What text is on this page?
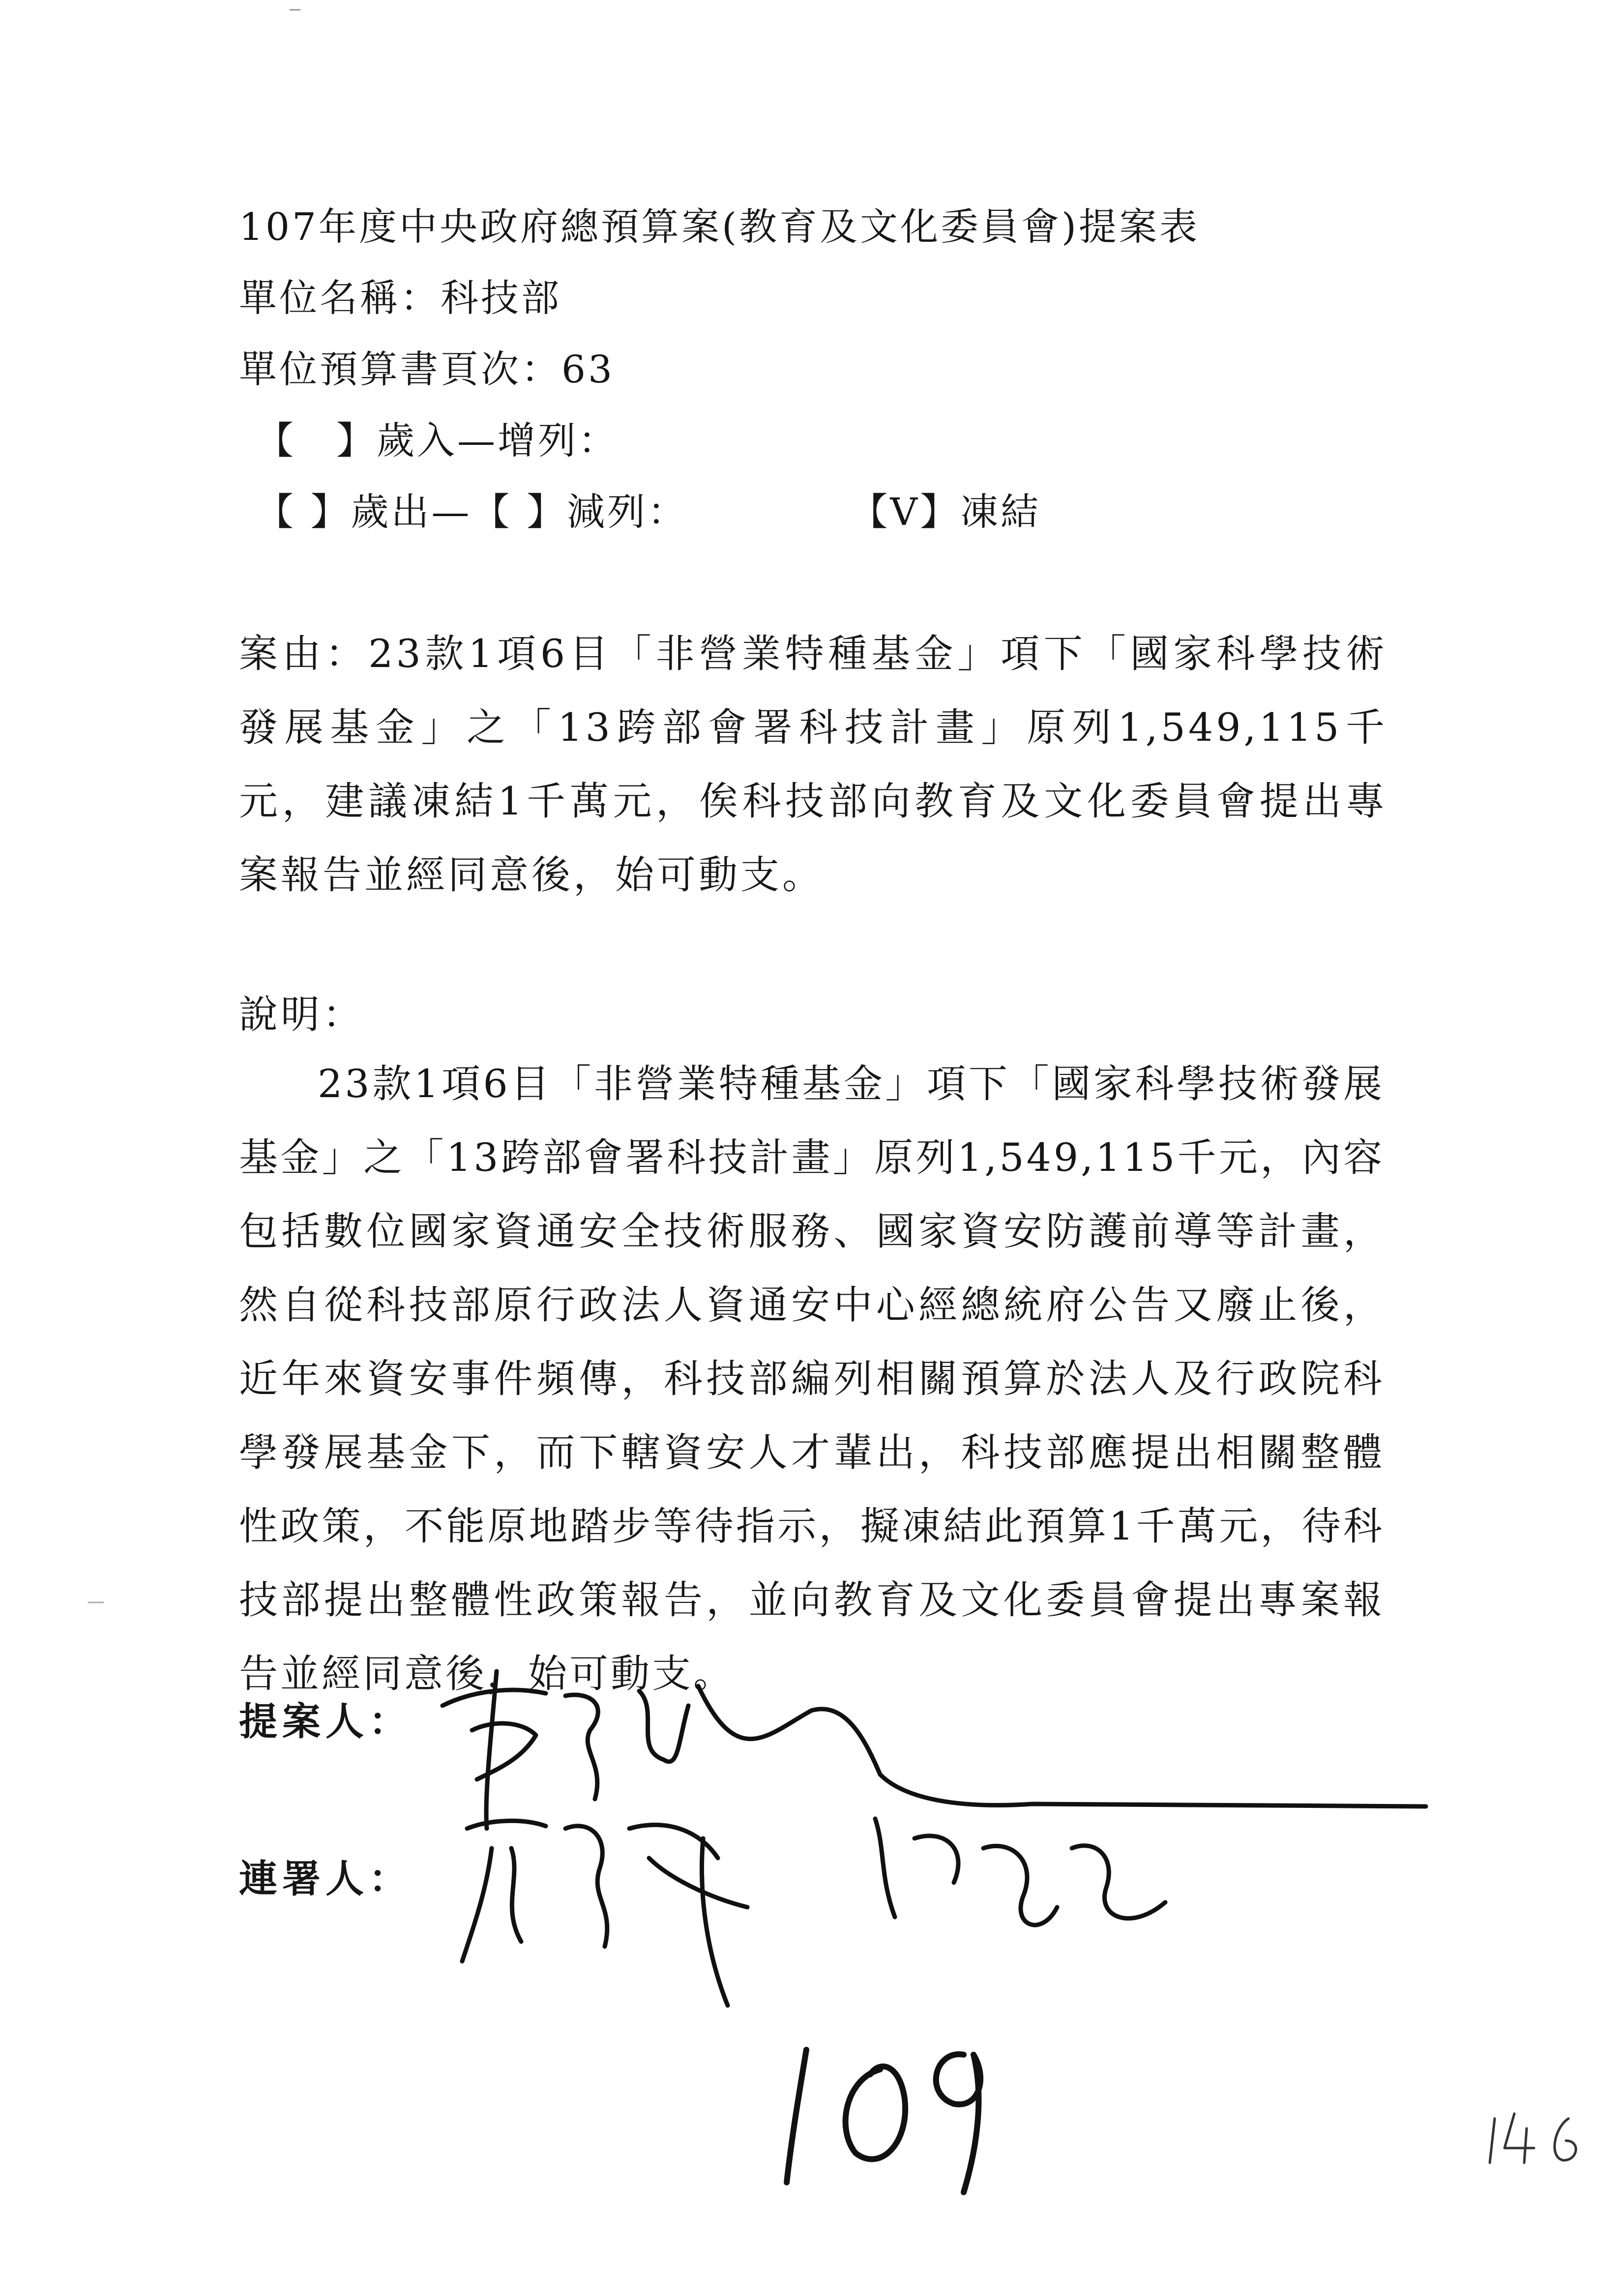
107年度中央政府總預算案(教育及文化委員會)提案表
單位名稱：科技部
單位預算書頁次：63
【　】歲入—增列：
【 】歲出—【 】減列：	【V】凍結
案由：23款1項6目「非營業特種基金」項下「國家科學技術發展基金」之「13跨部會署科技計畫」原列1,549,115千元，建議凍結1千萬元，俟科技部向教育及文化委員會提出專案報告並經同意後，始可動支。
說明：
23款1項6目「非營業特種基金」項下「國家科學技術發展基金」之「13跨部會署科技計畫」原列1,549,115千元，內容包括數位國家資通安全技術服務、國家資安防護前導等計畫，然自從科技部原行政法人資通安中心經總統府公告又廢止後，近年來資安事件頻傳，科技部編列相關預算於法人及行政院科學發展基金下，而下轄資安人才輩出，科技部應提出相關整體性政策，不能原地踏步等待指示，擬凍結此預算1千萬元，待科技部提出整體性政策報告，並向教育及文化委員會提出專案報告並經同意後，始可動支。
提案人：
連署人：
